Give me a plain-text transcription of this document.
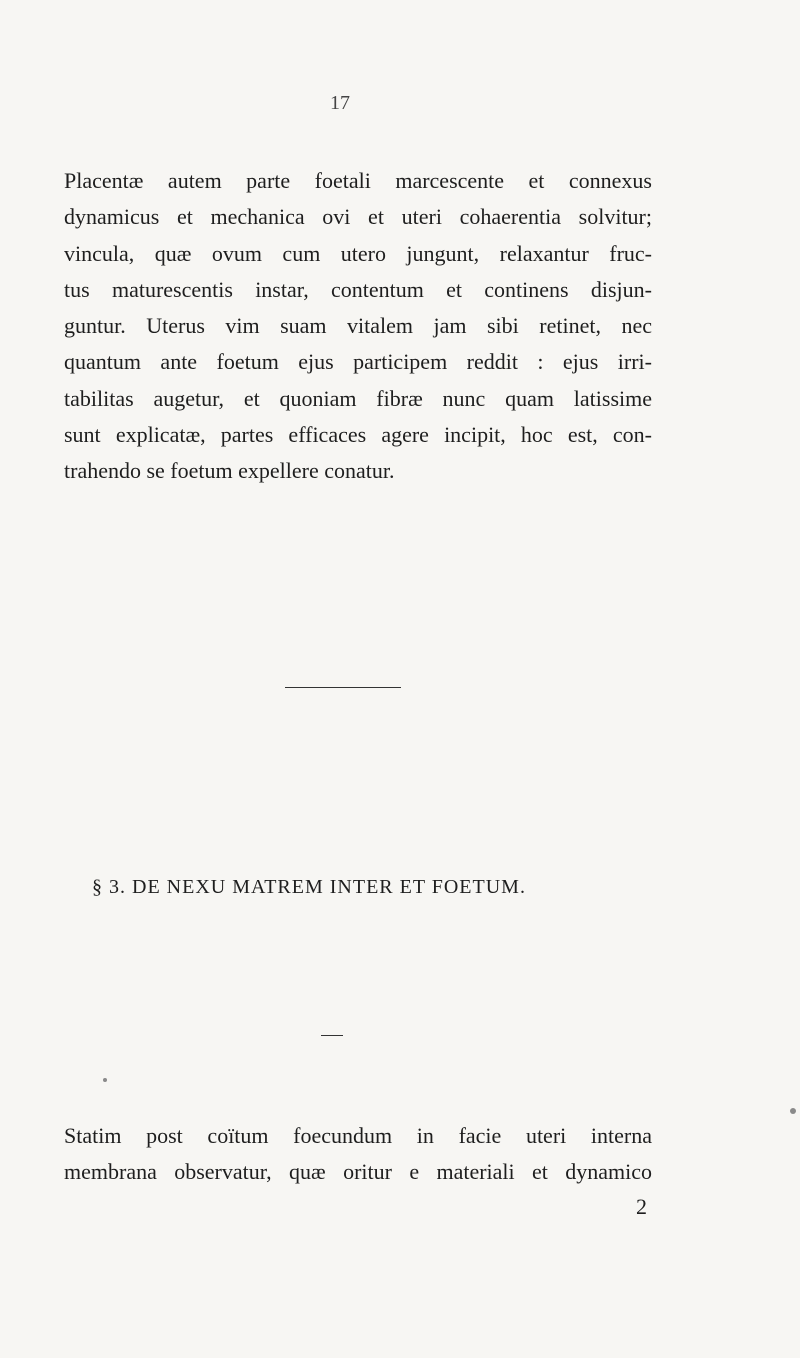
17

Placentæ autem parte foetali marcescente et connexus
dynamicus et mechanica ovi et uteri cohaerentia solvitur;
vincula, quæ ovum cum utero jungunt, relaxantur fruc-
tus maturescentis instar, contentum et continens disjun-
guntur. Uterus vim suam vitalem jam sibi retinet, nec
quantum ante foetum ejus participem reddit : ejus irri-
tabilitas augetur, et quoniam fibræ nunc quam latissime
sunt explicatæ, partes efficaces agere incipit, hoc est, con-
trahendo se foetum expellere conatur.

§ 3. DE NEXU MATREM INTER ET FOETUM.

Statim post coïtum foecundum in facie uteri interna
membrana observatur, quæ oritur e materiali et dynamico

2
